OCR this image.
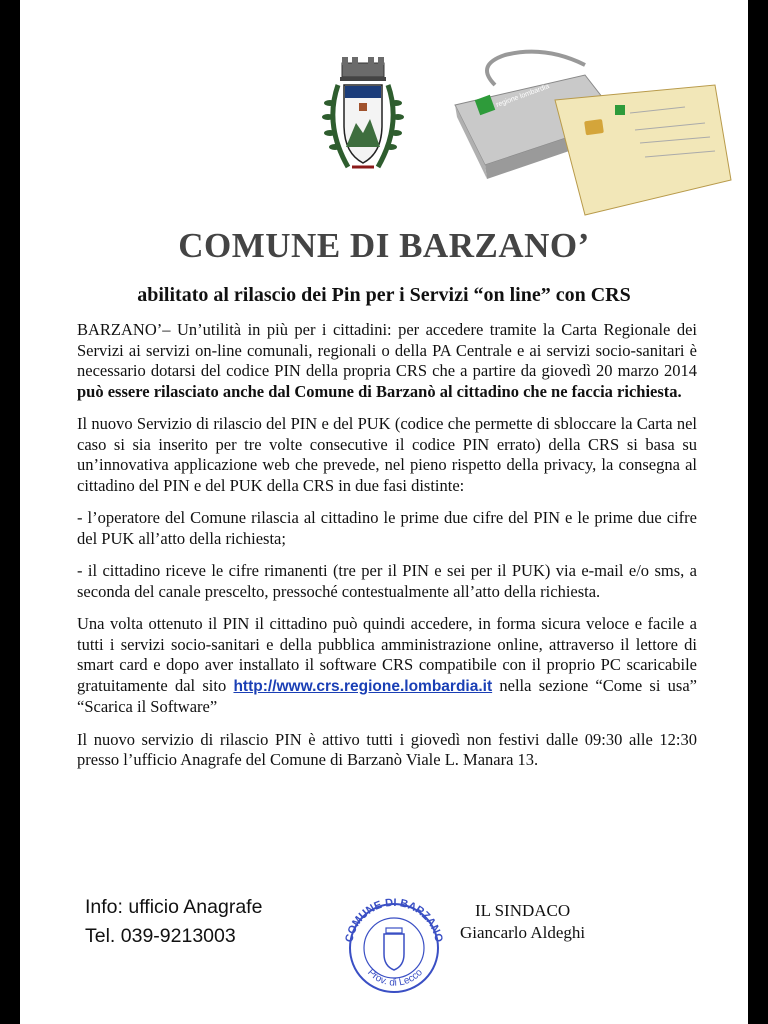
regione lombardia
COMUNE DI BARZANO’
abilitato al rilascio dei Pin per i Servizi “on line” con CRS

BARZANO’– Un’utilità in più per i cittadini: per accedere tramite la Carta Regionale dei Servizi ai servizi on-line comunali, regionali o della PA Centrale e ai servizi socio-sanitari è necessario dotarsi del codice PIN della propria CRS che a partire da giovedì 20 marzo 2014 può essere rilasciato anche dal Comune di Barzanò al cittadino che ne faccia richiesta.

Il nuovo Servizio di rilascio del PIN e del PUK (codice che permette di sbloccare la Carta nel caso si sia inserito per tre volte consecutive il codice PIN errato) della CRS si basa su un’innovativa applicazione web che prevede, nel pieno rispetto della privacy, la consegna al cittadino del PIN e del PUK della CRS in due fasi distinte:

- l’operatore del Comune rilascia al cittadino le prime due cifre del PIN e le prime due cifre del PUK all’atto della richiesta;

- il cittadino riceve le cifre rimanenti (tre per il PIN e sei per il PUK) via e-mail e/o sms, a seconda del canale prescelto, pressoché contestualmente all’atto della richiesta.

Una volta ottenuto il PIN il cittadino può quindi accedere, in forma sicura veloce e facile a tutti i servizi socio-sanitari e della pubblica amministrazione online, attraverso il lettore di smart card e dopo aver installato il software CRS compatibile con il proprio PC scaricabile gratuitamente dal sito http://www.crs.regione.lombardia.it nella sezione “Come si usa” “Scarica il Software”

Il nuovo servizio di rilascio PIN è attivo tutti i giovedì non festivi dalle 09:30 alle 12:30 presso l’ufficio Anagrafe del Comune di Barzanò Viale L. Manara 13.

Info: ufficio Anagrafe
Tel. 039-9213003	COMUNE DI BARZANO
Prov. di Lecco
IL SINDACO
Giancarlo Aldeghi
